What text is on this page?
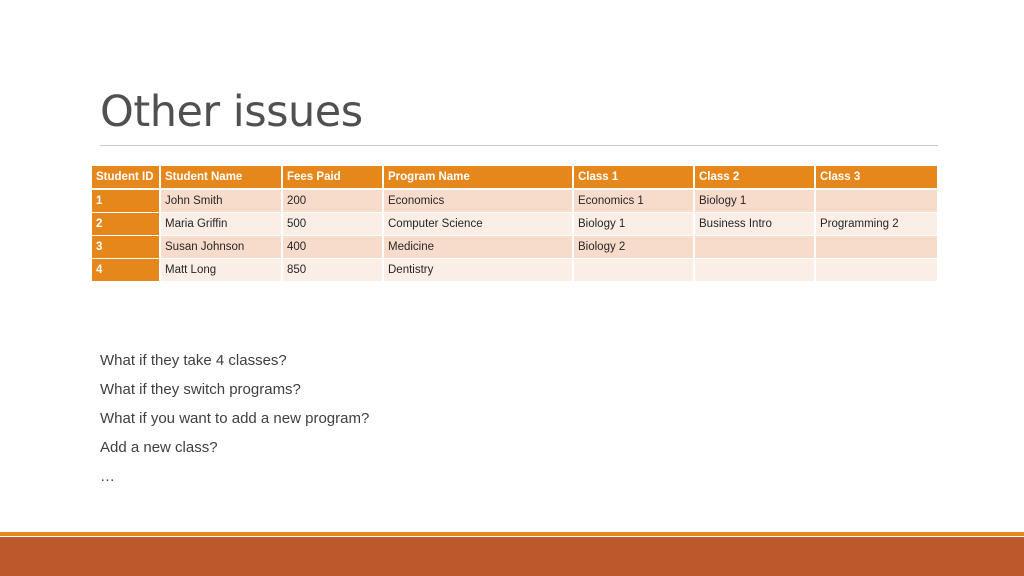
Other issues
Student ID	Student Name	Fees Paid	Program Name	Class 1	Class 2	Class 3
1	John Smith	200	Economics	Economics 1	Biology 1	
2	Maria Griffin	500	Computer Science	Biology 1	Business Intro	Programming 2
3	Susan Johnson	400	Medicine	Biology 2		
4	Matt Long	850	Dentistry			
What if they take 4 classes?
What if they switch programs?
What if you want to add a new program?
Add a new class?
…
